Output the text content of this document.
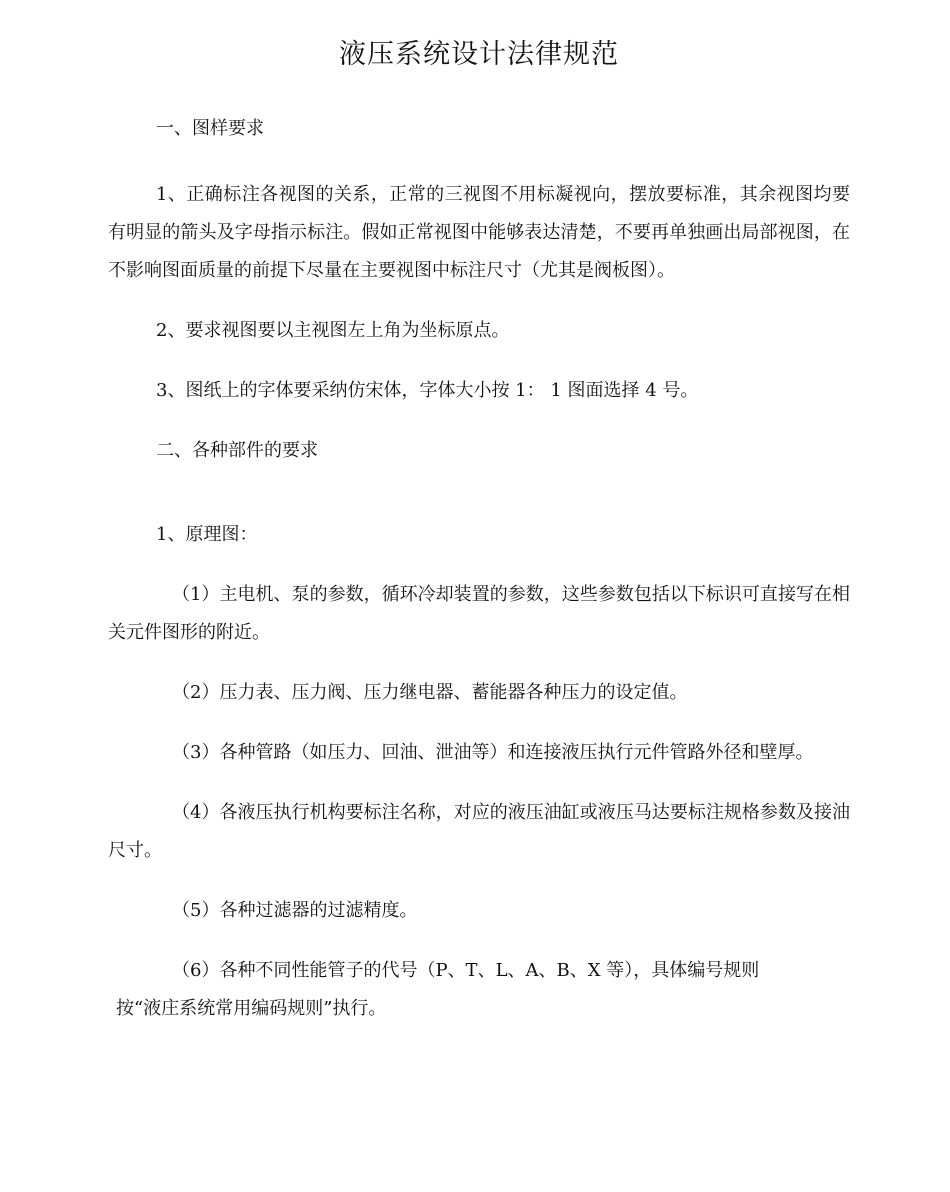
液压系统设计法律规范

一、图样要求

1、正确标注各视图的关系，正常的三视图不用标凝视向，摆放要标准，其余视图均要有明显的箭头及字母指示标注。假如正常视图中能够表达清楚，不要再单独画出局部视图，在不影响图面质量的前提下尽量在主要视图中标注尺寸（尤其是阀板图）。

2、要求视图要以主视图左上角为坐标原点。

3、图纸上的字体要采纳仿宋体，字体大小按 1： 1 图面选择 4 号。

二、各种部件的要求

1、原理图：

（1）主电机、泵的参数，循环冷却装置的参数，这些参数包括以下标识可直接写在相关元件图形的附近。

（2）压力表、压力阀、压力继电器、蓄能器各种压力的设定值。

（3）各种管路（如压力、回油、泄油等）和连接液压执行元件管路外径和壁厚。

（4）各液压执行机构要标注名称，对应的液压油缸或液压马达要标注规格参数及接油尺寸。

（5）各种过滤器的过滤精度。

（6）各种不同性能管子的代号（P、T、L、A、B、X 等），具体编号规则

按“液庄系统常用编码规则”执行。
